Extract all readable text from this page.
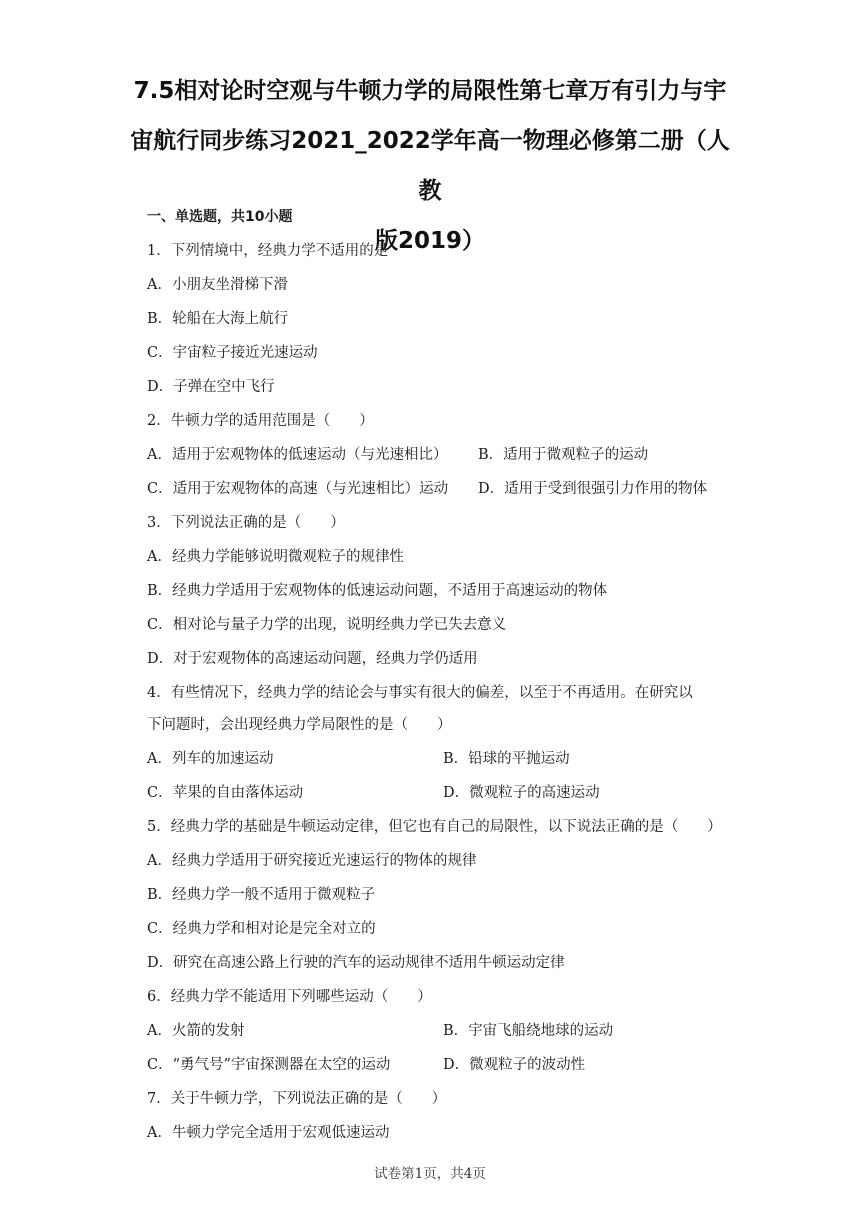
7.5相对论时空观与牛顿力学的局限性第七章万有引力与宇
宙航行同步练习2021_2022学年高一物理必修第二册（人教
版2019）
一、单选题，共10小题
1．下列情境中，经典力学不适用的是
A．小朋友坐滑梯下滑
B．轮船在大海上航行
C．宇宙粒子接近光速运动
D．子弹在空中飞行
2．牛顿力学的适用范围是（　　）
A．适用于宏观物体的低速运动（与光速相比） B．适用于微观粒子的运动
C．适用于宏观物体的高速（与光速相比）运动 D．适用于受到很强引力作用的物体
3．下列说法正确的是（　　）
A．经典力学能够说明微观粒子的规律性
B．经典力学适用于宏观物体的低速运动问题，不适用于高速运动的物体
C．相对论与量子力学的出现，说明经典力学已失去意义
D．对于宏观物体的高速运动问题，经典力学仍适用
4．有些情况下，经典力学的结论会与事实有很大的偏差，以至于不再适用。在研究以
下问题时，会出现经典力学局限性的是（　　）
A．列车的加速运动	B．铅球的平抛运动
C．苹果的自由落体运动	D．微观粒子的高速运动
5．经典力学的基础是牛顿运动定律，但它也有自己的局限性，以下说法正确的是（　　）
A．经典力学适用于研究接近光速运行的物体的规律
B．经典力学一般不适用于微观粒子
C．经典力学和相对论是完全对立的
D．研究在高速公路上行驶的汽车的运动规律不适用牛顿运动定律
6．经典力学不能适用下列哪些运动（　　）
A．火箭的发射	B．宇宙飞船绕地球的运动
C．“勇气号”宇宙探测器在太空的运动	D．微观粒子的波动性
7．关于牛顿力学，下列说法正确的是（　　）
A．牛顿力学完全适用于宏观低速运动
试卷第1页，共4页
